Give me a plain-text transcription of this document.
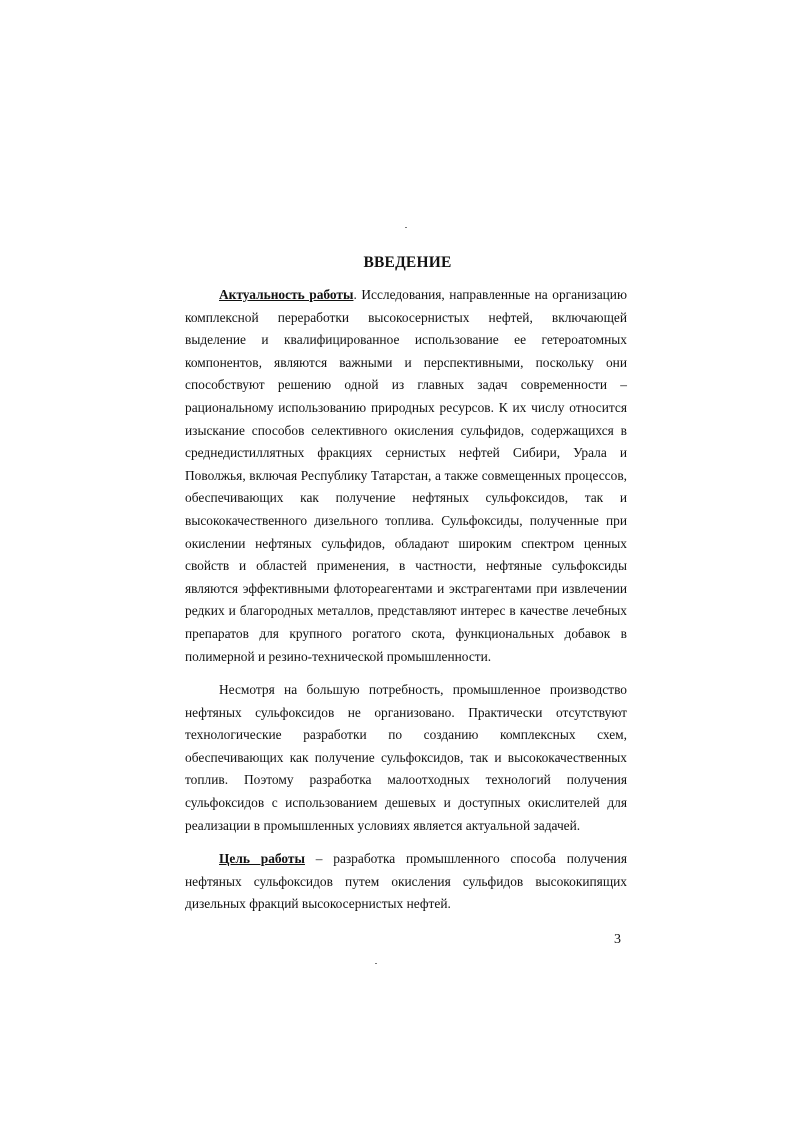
ВВЕДЕНИЕ

Актуальность работы. Исследования, направленные на организацию комплексной переработки высокосернистых нефтей, включающей выделение и квалифицированное использование ее гетероатомных компонентов, являются важными и перспективными, поскольку они способствуют решению одной из главных задач современности – рациональному использованию природных ресурсов. К их числу относится изыскание способов селективного окисления сульфидов, содержащихся в среднедистиллятных фракциях сернистых нефтей Сибири, Урала и Поволжья, включая Республику Татарстан, а также совмещенных процессов, обеспечивающих как получение нефтяных сульфоксидов, так и высококачественного дизельного топлива. Сульфоксиды, полученные при окислении нефтяных сульфидов, обладают широким спектром ценных свойств и областей применения, в частности, нефтяные сульфоксиды являются эффективными флотореагентами и экстрагентами при извлечении редких и благородных металлов, представляют интерес в качестве лечебных препаратов для крупного рогатого скота, функциональных добавок в полимерной и резино-технической промышленности.

Несмотря на большую потребность, промышленное производство нефтяных сульфоксидов не организовано. Практически отсутствуют технологические разработки по созданию комплексных схем, обеспечивающих как получение сульфоксидов, так и высококачественных топлив. Поэтому разработка малоотходных технологий получения сульфоксидов с использованием дешевых и доступных окислителей для реализации в промышленных условиях является актуальной задачей.

Цель работы – разработка промышленного способа получения нефтяных сульфоксидов путем окисления сульфидов высококипящих дизельных фракций высокосернистых нефтей.

3
